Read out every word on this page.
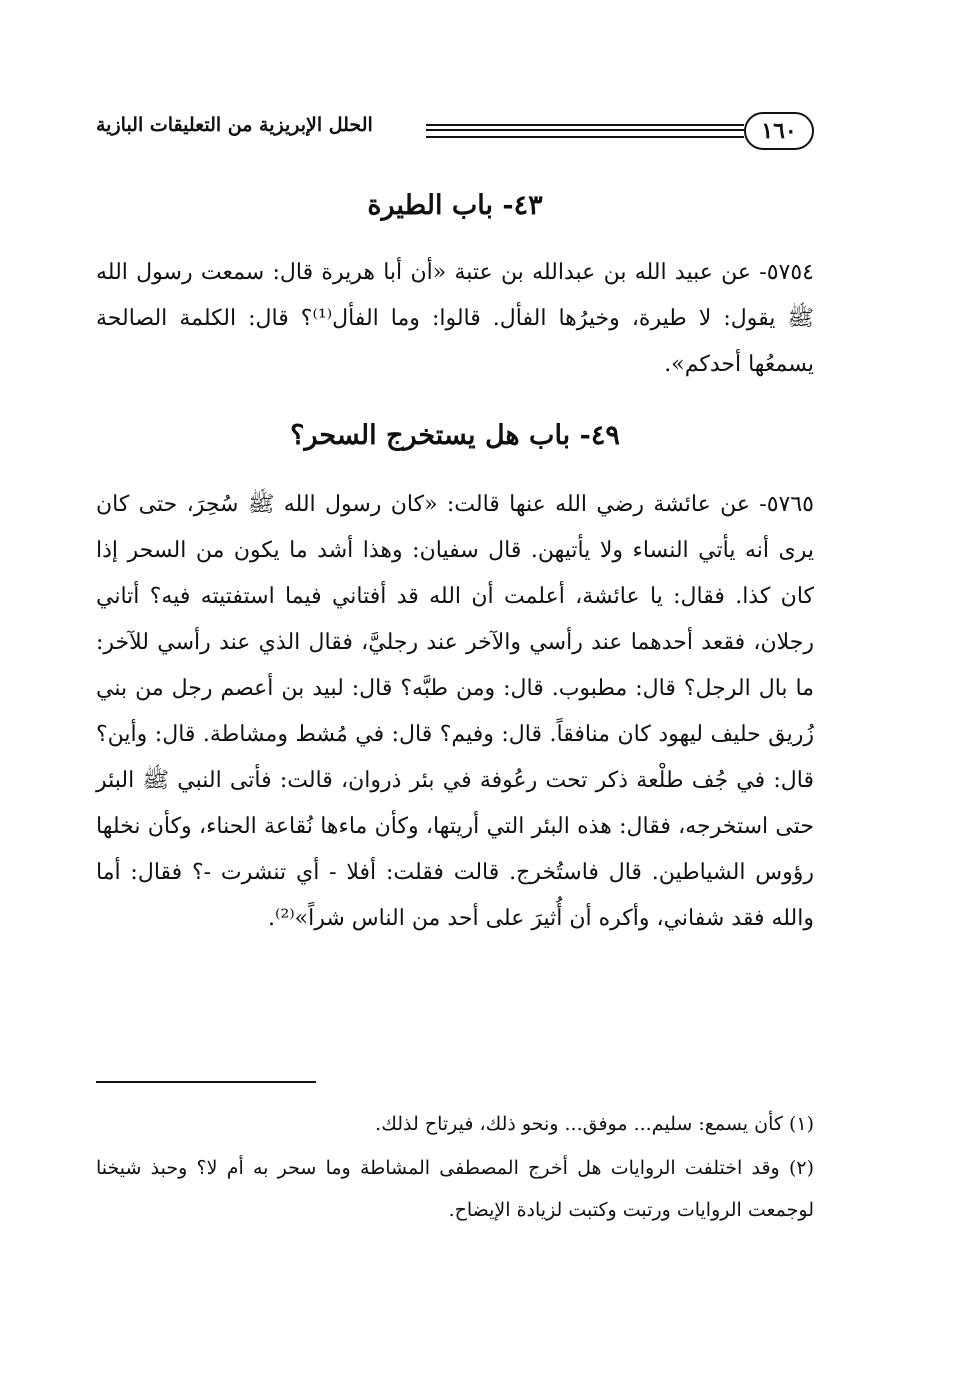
١٦٠
الحلل الإبريزية من التعليقات البازية
٤٣- باب الطيرة

٥٧٥٤- عن عبيد الله بن عبدالله بن عتبة «أن أبا هريرة قال: سمعت رسول الله ﷺ يقول: لا طيرة، وخيرُها الفأل. قالوا: وما الفأل⁽¹⁾؟ قال: الكلمة الصالحة يسمعُها أحدكم».

٤٩- باب هل يستخرج السحر؟

٥٧٦٥- عن عائشة رضي الله عنها قالت: «كان رسول الله ﷺ سُحِرَ، حتى كان يرى أنه يأتي النساء ولا يأتيهن. قال سفيان: وهذا أشد ما يكون من السحر إذا كان كذا. فقال: يا عائشة، أعلمت أن الله قد أفتاني فيما استفتيته فيه؟ أتاني رجلان، فقعد أحدهما عند رأسي والآخر عند رجليَّ، فقال الذي عند رأسي للآخر: ما بال الرجل؟ قال: مطبوب. قال: ومن طبَّه؟ قال: لبيد بن أعصم رجل من بني زُريق حليف ليهود كان منافقاً. قال: وفيم؟ قال: في مُشط ومشاطة. قال: وأين؟ قال: في جُف طلْعة ذكر تحت رعُوفة في بئر ذروان، قالت: فأتى النبي ﷺ البئر حتى استخرجه، فقال: هذه البئر التي أريتها، وكأن ماءها نُقاعة الحناء، وكأن نخلها رؤوس الشياطين. قال فاستُخرج. قالت فقلت: أفلا - أي تنشرت -؟ فقال: أما والله فقد شفاني، وأكره أن أُثيرَ على أحد من الناس شراً»⁽²⁾.

(١) كأن يسمع: سليم... موفق... ونحو ذلك، فيرتاح لذلك.

(٢) وقد اختلفت الروايات هل أخرج المصطفى المشاطة وما سحر به أم لا؟ وحبذ شيخنا لوجمعت الروايات ورتبت وكتبت لزيادة الإيضاح.
